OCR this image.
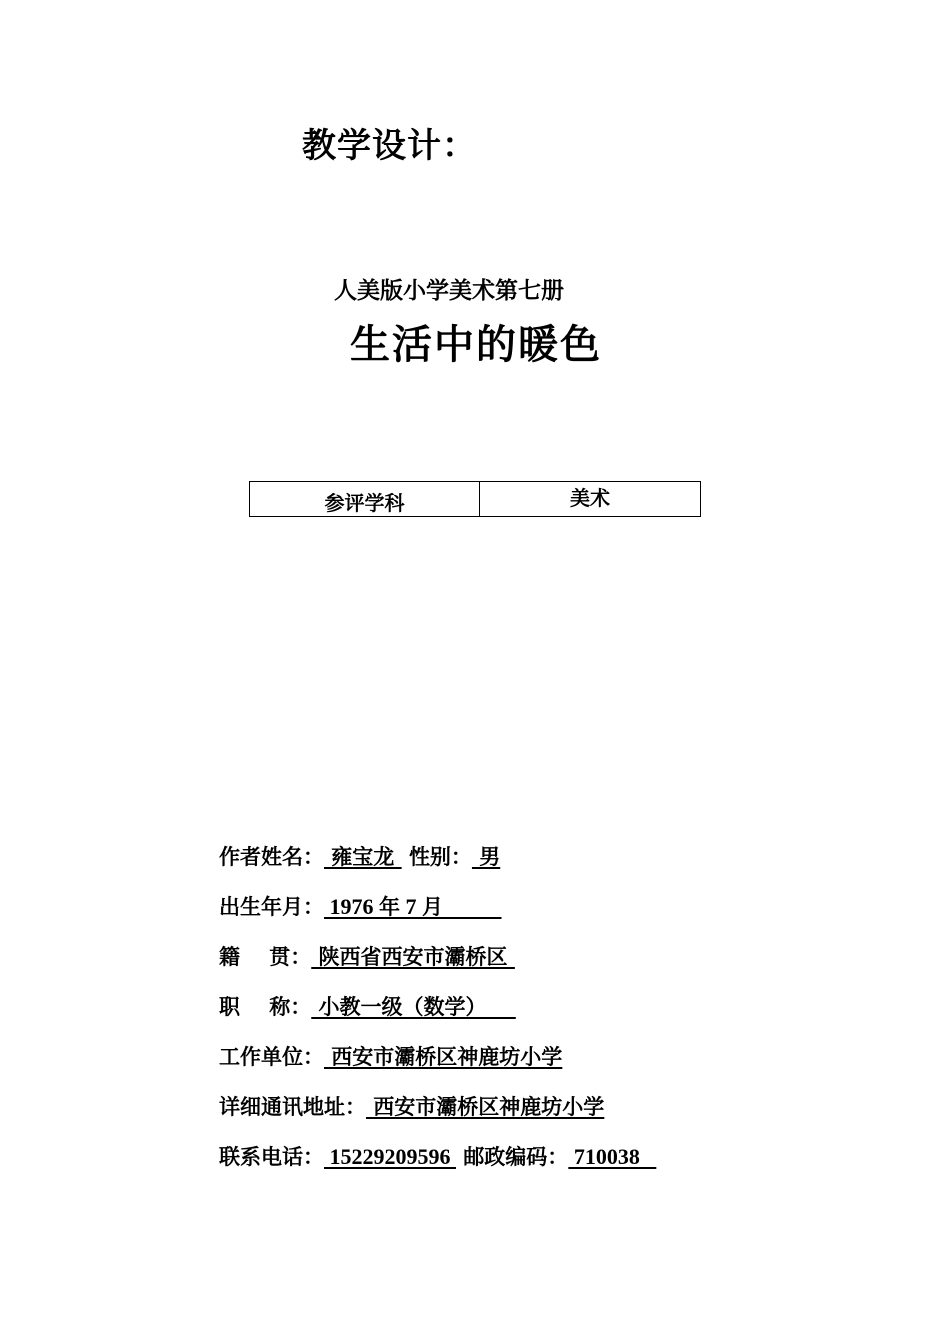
教学设计：
人美版小学美术第七册
生活中的暖色
参评学科	美术
作者姓名： 雍宝龙  性别： 男
出生年月： 1976 年 7 月
籍    贯： 陕西省西安市灞桥区
职    称： 小教一级（数学）
工作单位： 西安市灞桥区神鹿坊小学
详细通讯地址： 西安市灞桥区神鹿坊小学
联系电话： 15229209596  邮政编码： 710038
